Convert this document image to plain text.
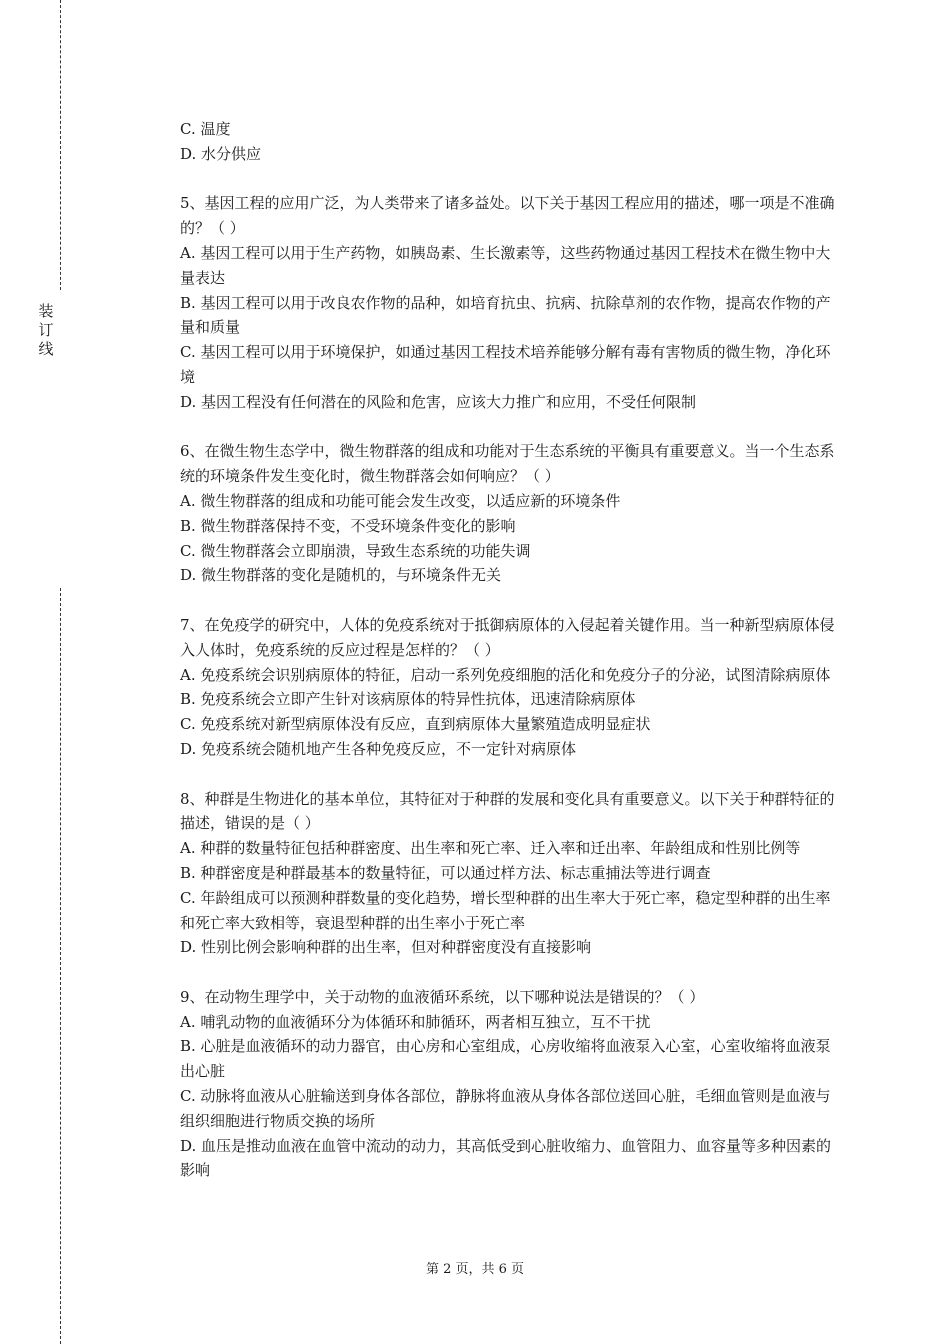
装
订
线

C. 温度

D. 水分供应

5、基因工程的应用广泛，为人类带来了诸多益处。以下关于基因工程应用的描述，哪一项是不准确的？（ ）

A. 基因工程可以用于生产药物，如胰岛素、生长激素等，这些药物通过基因工程技术在微生物中大量表达

B. 基因工程可以用于改良农作物的品种，如培育抗虫、抗病、抗除草剂的农作物，提高农作物的产量和质量

C. 基因工程可以用于环境保护，如通过基因工程技术培养能够分解有毒有害物质的微生物，净化环境

D. 基因工程没有任何潜在的风险和危害，应该大力推广和应用，不受任何限制

6、在微生物生态学中，微生物群落的组成和功能对于生态系统的平衡具有重要意义。当一个生态系统的环境条件发生变化时，微生物群落会如何响应？（ ）

A. 微生物群落的组成和功能可能会发生改变，以适应新的环境条件

B. 微生物群落保持不变，不受环境条件变化的影响

C. 微生物群落会立即崩溃，导致生态系统的功能失调

D. 微生物群落的变化是随机的，与环境条件无关

7、在免疫学的研究中，人体的免疫系统对于抵御病原体的入侵起着关键作用。当一种新型病原体侵入人体时，免疫系统的反应过程是怎样的？（ ）

A. 免疫系统会识别病原体的特征，启动一系列免疫细胞的活化和免疫分子的分泌，试图清除病原体

B. 免疫系统会立即产生针对该病原体的特异性抗体，迅速清除病原体

C. 免疫系统对新型病原体没有反应，直到病原体大量繁殖造成明显症状

D. 免疫系统会随机地产生各种免疫反应，不一定针对病原体

8、种群是生物进化的基本单位，其特征对于种群的发展和变化具有重要意义。以下关于种群特征的描述，错误的是（ ）

A. 种群的数量特征包括种群密度、出生率和死亡率、迁入率和迁出率、年龄组成和性别比例等

B. 种群密度是种群最基本的数量特征，可以通过样方法、标志重捕法等进行调查

C. 年龄组成可以预测种群数量的变化趋势，增长型种群的出生率大于死亡率，稳定型种群的出生率和死亡率大致相等，衰退型种群的出生率小于死亡率

D. 性别比例会影响种群的出生率，但对种群密度没有直接影响

9、在动物生理学中，关于动物的血液循环系统，以下哪种说法是错误的？（ ）

A. 哺乳动物的血液循环分为体循环和肺循环，两者相互独立，互不干扰

B. 心脏是血液循环的动力器官，由心房和心室组成，心房收缩将血液泵入心室，心室收缩将血液泵出心脏

C. 动脉将血液从心脏输送到身体各部位，静脉将血液从身体各部位送回心脏，毛细血管则是血液与组织细胞进行物质交换的场所

D. 血压是推动血液在血管中流动的动力，其高低受到心脏收缩力、血管阻力、血容量等多种因素的影响

第 2 页，共 6 页
